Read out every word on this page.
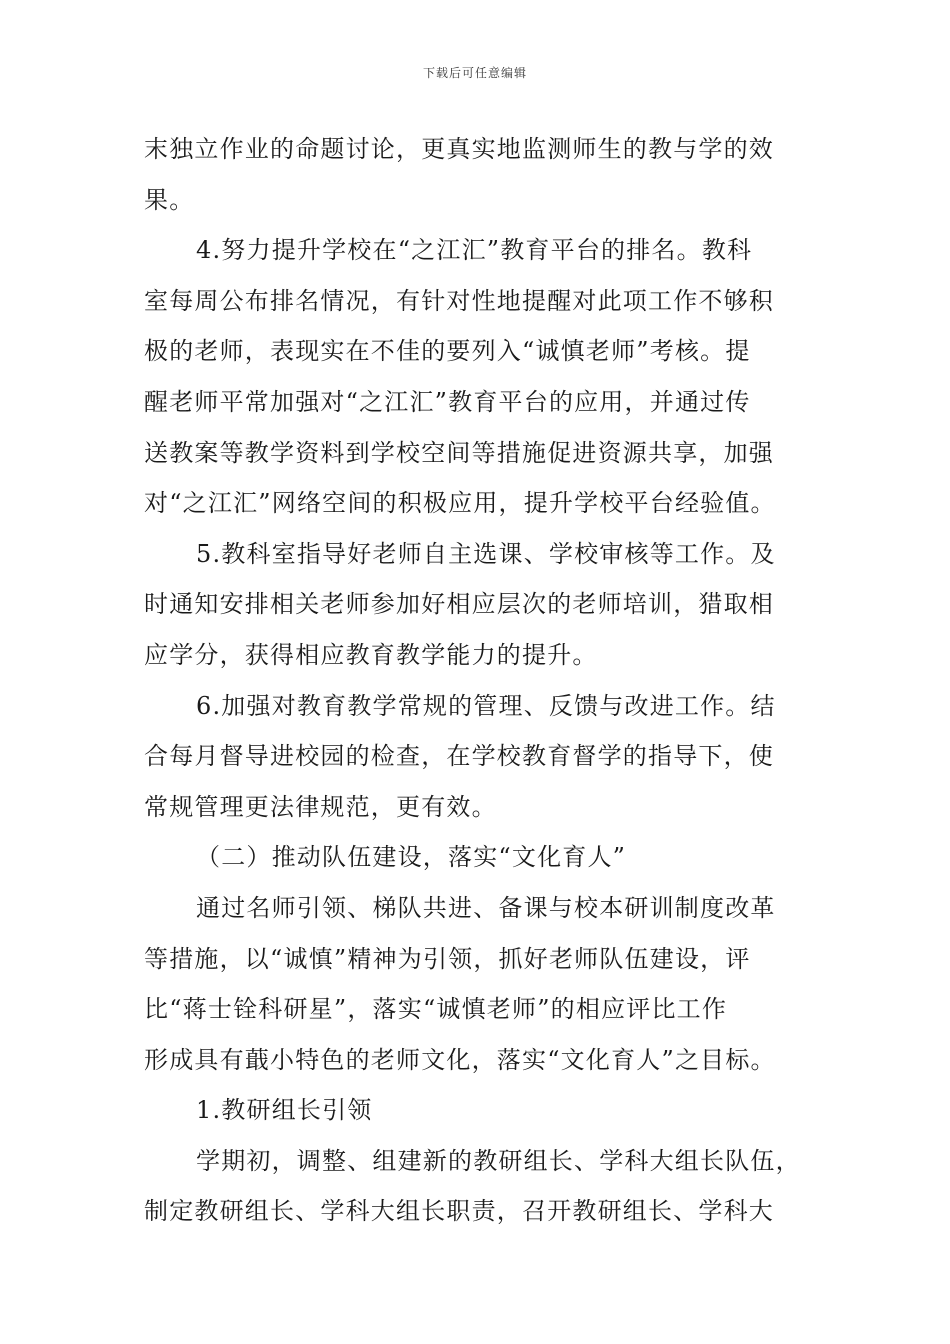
下载后可任意编辑
末独立作业的命题讨论，更真实地监测师生的教与学的效
果。
4.努力提升学校在“之江汇”教育平台的排名。教科
室每周公布排名情况，有针对性地提醒对此项工作不够积
极的老师，表现实在不佳的要列入“诚慎老师”考核。提
醒老师平常加强对“之江汇”教育平台的应用，并通过传
送教案等教学资料到学校空间等措施促进资源共享，加强
对“之江汇”网络空间的积极应用，提升学校平台经验值。
5.教科室指导好老师自主选课、学校审核等工作。及
时通知安排相关老师参加好相应层次的老师培训，猎取相
应学分，获得相应教育教学能力的提升。
6.加强对教育教学常规的管理、反馈与改进工作。结
合每月督导进校园的检查，在学校教育督学的指导下，使
常规管理更法律规范，更有效。
（二）推动队伍建设，落实“文化育人”
通过名师引领、梯队共进、备课与校本研训制度改革
等措施，以“诚慎”精神为引领，抓好老师队伍建设，评
比“蒋士铨科研星”，落实“诚慎老师”的相应评比工作
形成具有蕺小特色的老师文化，落实“文化育人”之目标。
1.教研组长引领
学期初，调整、组建新的教研组长、学科大组长队伍，
制定教研组长、学科大组长职责，召开教研组长、学科大
